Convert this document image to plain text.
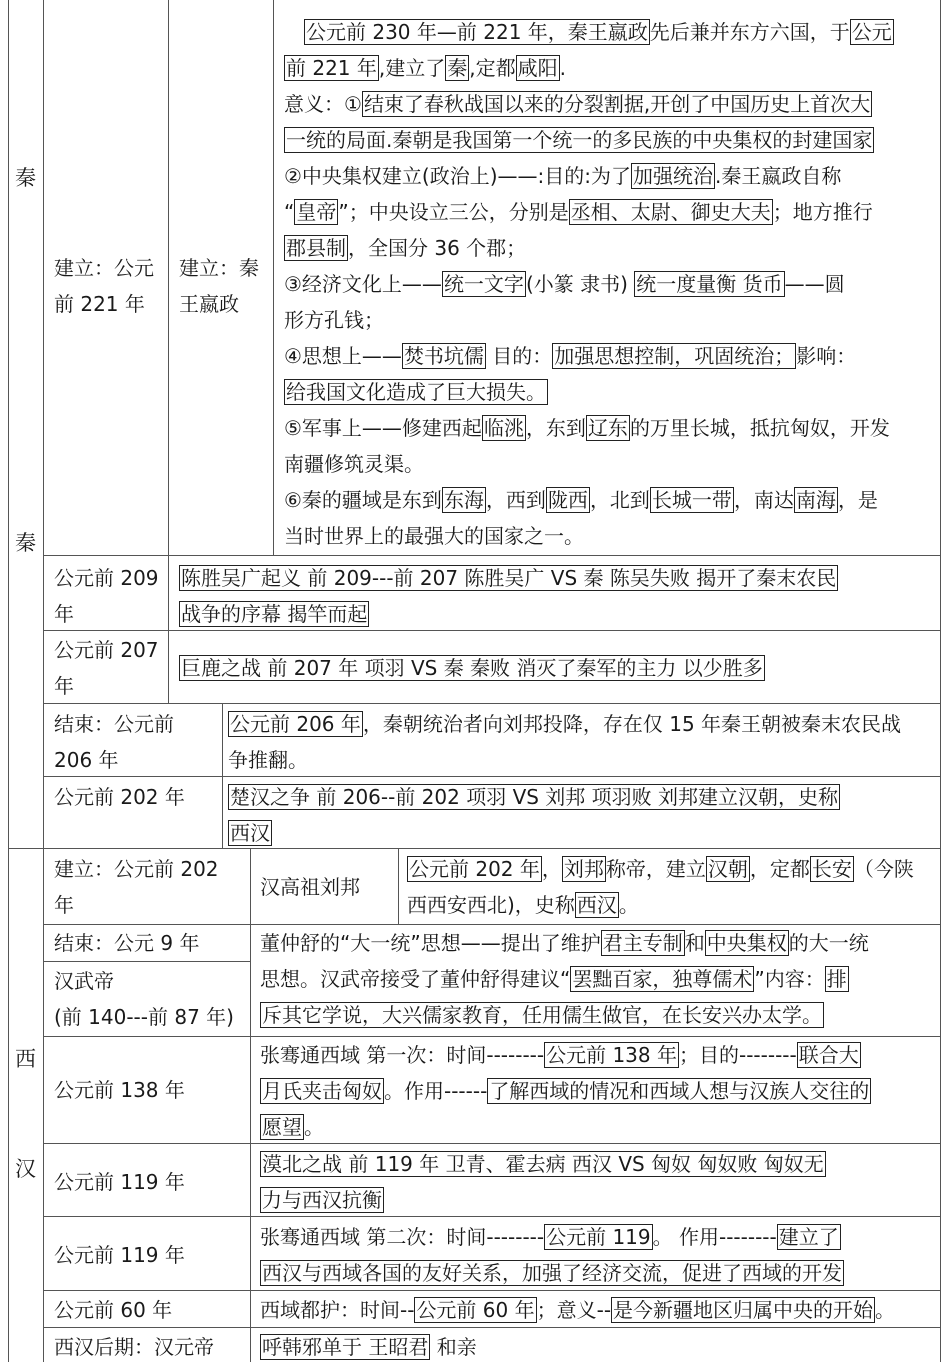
秦
秦
西
汉

建立：公元

前 221 年

建立：秦

王嬴政

　公元前 230 年—前 221 年，秦王嬴政 先后兼并东方六国，于 公元

前 221 年 ,建立了 秦 ,定都 咸阳 .

意义：① 结束了春秋战国以来的分裂割据,开创了中国历史上首次大

一统的局面.秦朝是我国第一个统一的多民族的中央集权的封建国家

②中央集权建立(政治上)——:目的:为了 加强统治 .秦王嬴政自称

“ 皇帝 ”；中央设立三公，分别是 丞相、太尉、御史大夫 ；地方推行

郡县制 ，全国分 36 个郡；

③经济文化上—— 统一文字 (小篆 隶书) 统一度量衡 货币 ——圆

形方孔钱；

④思想上—— 焚书坑儒 目的： 加强思想控制，巩固统治； 影响：

给我国文化造成了巨大损失。

⑤军事上——修建西起 临洮 ，东到 辽东 的万里长城，抵抗匈奴，开发

南疆修筑灵渠。

⑥秦的疆域是东到 东海 ，西到 陇西 ，北到 长城一带 ，南达 南海 ，是

当时世界上的最强大的国家之一。

公元前 209

年

陈胜吴广起义 前 209---前 207 陈胜吴广 VS 秦 陈吴失败 揭开了秦末农民

战争的序幕 揭竿而起

公元前 207

年

巨鹿之战 前 207 年 项羽 VS 秦 秦败 消灭了秦军的主力 以少胜多

结束：公元前

206 年

公元前 206 年 ，秦朝统治者向刘邦投降，存在仅 15 年秦王朝被秦末农民战

争推翻。

公元前 202 年 楚汉之争 前 206--前 202 项羽 VS 刘邦 项羽败 刘邦建立汉朝，史称

西汉

建立：公元前 202

年

汉高祖刘邦

公元前 202 年 ， 刘邦 称帝，建立 汉朝 ，定都 长安 （今陕

西西安西北)，史称 西汉 。

结束：公元 9 年

汉武帝

(前 140---前 87 年)

董仲舒的“大一统”思想——提出了维护 君主专制 和 中央集权 的大一统

思想。汉武帝接受了董仲舒得建议“ 罢黜百家，独尊儒术 ”内容： 排

斥其它学说，大兴儒家教育，任用儒生做官，在长安兴办太学。

公元前 138 年

张骞通西域 第一次：时间-------- 公元前 138 年 ；目的-------- 联合大

月氏夹击匈奴 。作用------ 了解西域的情况和西域人想与汉族人交往的

愿望 。

公元前 119 年

漠北之战 前 119 年 卫青、霍去病 西汉 VS 匈奴 匈奴败 匈奴无

力与西汉抗衡

公元前 119 年

张骞通西域 第二次：时间-------- 公元前 119 。 作用-------- 建立了

西汉与西域各国的友好关系，加强了经济交流，促进了西域的开发

公元前 60 年	西域都护：时间-- 公元前 60 年 ；意义-- 是今新疆地区归属中央的开始 。

西汉后期：汉元帝 呼韩邪单于 王昭君 和亲
